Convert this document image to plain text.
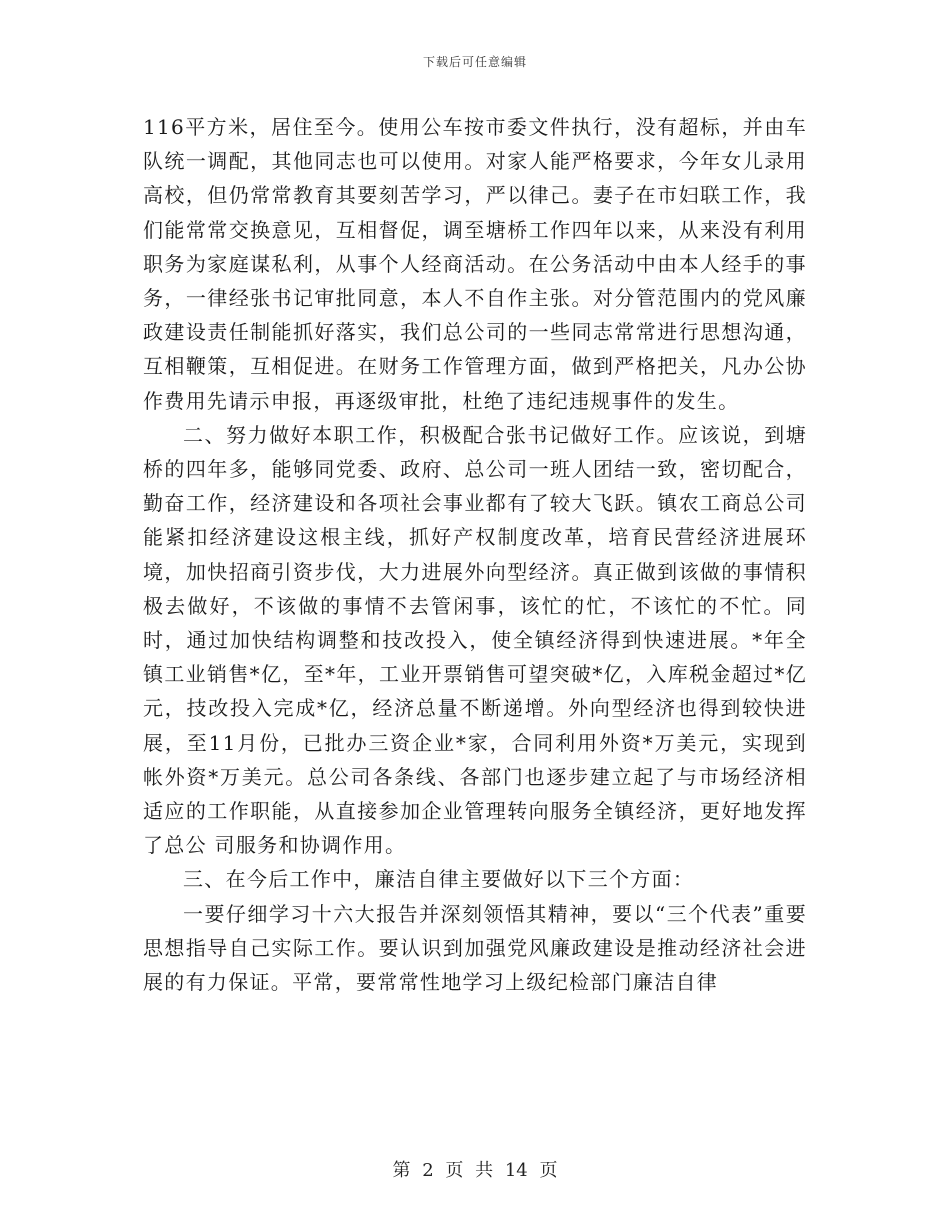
下载后可任意编辑

116平方米，居住至今。使用公车按市委文件执行，没有超标，并由车队统一调配，其他同志也可以使用。对家人能严格要求，今年女儿录用高校，但仍常常教育其要刻苦学习，严以律己。妻子在市妇联工作，我们能常常交换意见，互相督促，调至塘桥工作四年以来，从来没有利用职务为家庭谋私利，从事个人经商活动。在公务活动中由本人经手的事务，一律经张书记审批同意，本人不自作主张。对分管范围内的党风廉政建设责任制能抓好落实，我们总公司的一些同志常常进行思想沟通，互相鞭策，互相促进。在财务工作管理方面，做到严格把关，凡办公协作费用先请示申报，再逐级审批，杜绝了违纪违规事件的发生。

二、努力做好本职工作，积极配合张书记做好工作。应该说，到塘桥的四年多，能够同党委、政府、总公司一班人团结一致，密切配合，勤奋工作，经济建设和各项社会事业都有了较大飞跃。镇农工商总公司能紧扣经济建设这根主线，抓好产权制度改革，培育民营经济进展环境，加快招商引资步伐，大力进展外向型经济。真正做到该做的事情积极去做好，不该做的事情不去管闲事，该忙的忙，不该忙的不忙。同时，通过加快结构调整和技改投入，使全镇经济得到快速进展。*年全镇工业销售*亿，至*年，工业开票销售可望突破*亿，入库税金超过*亿元，技改投入完成*亿，经济总量不断递增。外向型经济也得到较快进展，至11月份，已批办三资企业*家，合同利用外资*万美元，实现到帐外资*万美元。总公司各条线、各部门也逐步建立起了与市场经济相适应的工作职能，从直接参加企业管理转向服务全镇经济，更好地发挥了总公 司服务和协调作用。

三、在今后工作中，廉洁自律主要做好以下三个方面：

一要仔细学习十六大报告并深刻领悟其精神，要以“三个代表”重要思想指导自己实际工作。要认识到加强党风廉政建设是推动经济社会进展的有力保证。平常，要常常性地学习上级纪检部门廉洁自律

第 2 页 共 14 页
